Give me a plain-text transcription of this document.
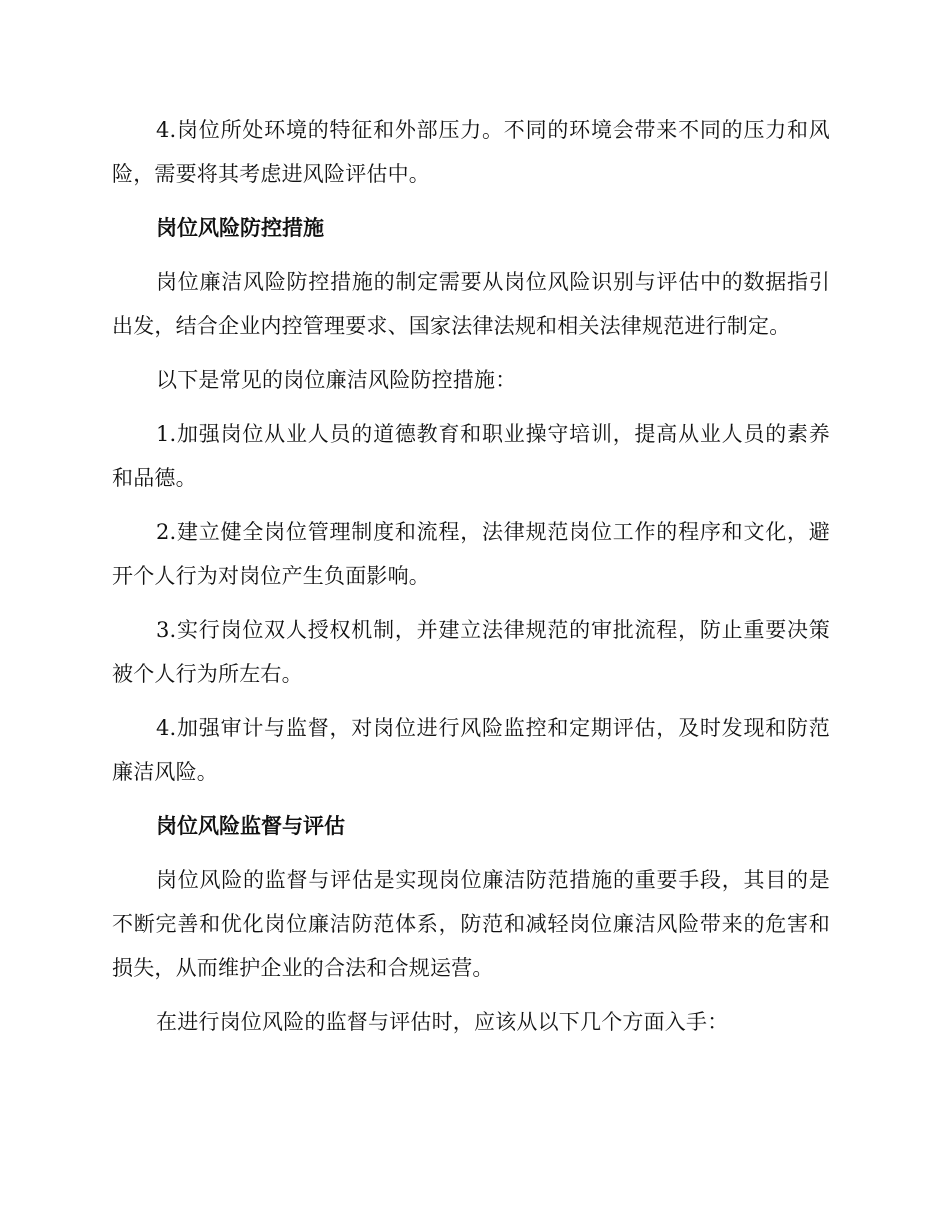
4.岗位所处环境的特征和外部压力。不同的环境会带来不同的压力和风险，需要将其考虑进风险评估中。

岗位风险防控措施

岗位廉洁风险防控措施的制定需要从岗位风险识别与评估中的数据指引出发，结合企业内控管理要求、国家法律法规和相关法律规范进行制定。

以下是常见的岗位廉洁风险防控措施：

1.加强岗位从业人员的道德教育和职业操守培训，提高从业人员的素养和品德。

2.建立健全岗位管理制度和流程，法律规范岗位工作的程序和文化，避开个人行为对岗位产生负面影响。

3.实行岗位双人授权机制，并建立法律规范的审批流程，防止重要决策被个人行为所左右。

4.加强审计与监督，对岗位进行风险监控和定期评估，及时发现和防范廉洁风险。

岗位风险监督与评估

岗位风险的监督与评估是实现岗位廉洁防范措施的重要手段，其目的是不断完善和优化岗位廉洁防范体系，防范和减轻岗位廉洁风险带来的危害和损失，从而维护企业的合法和合规运营。

在进行岗位风险的监督与评估时，应该从以下几个方面入手：
